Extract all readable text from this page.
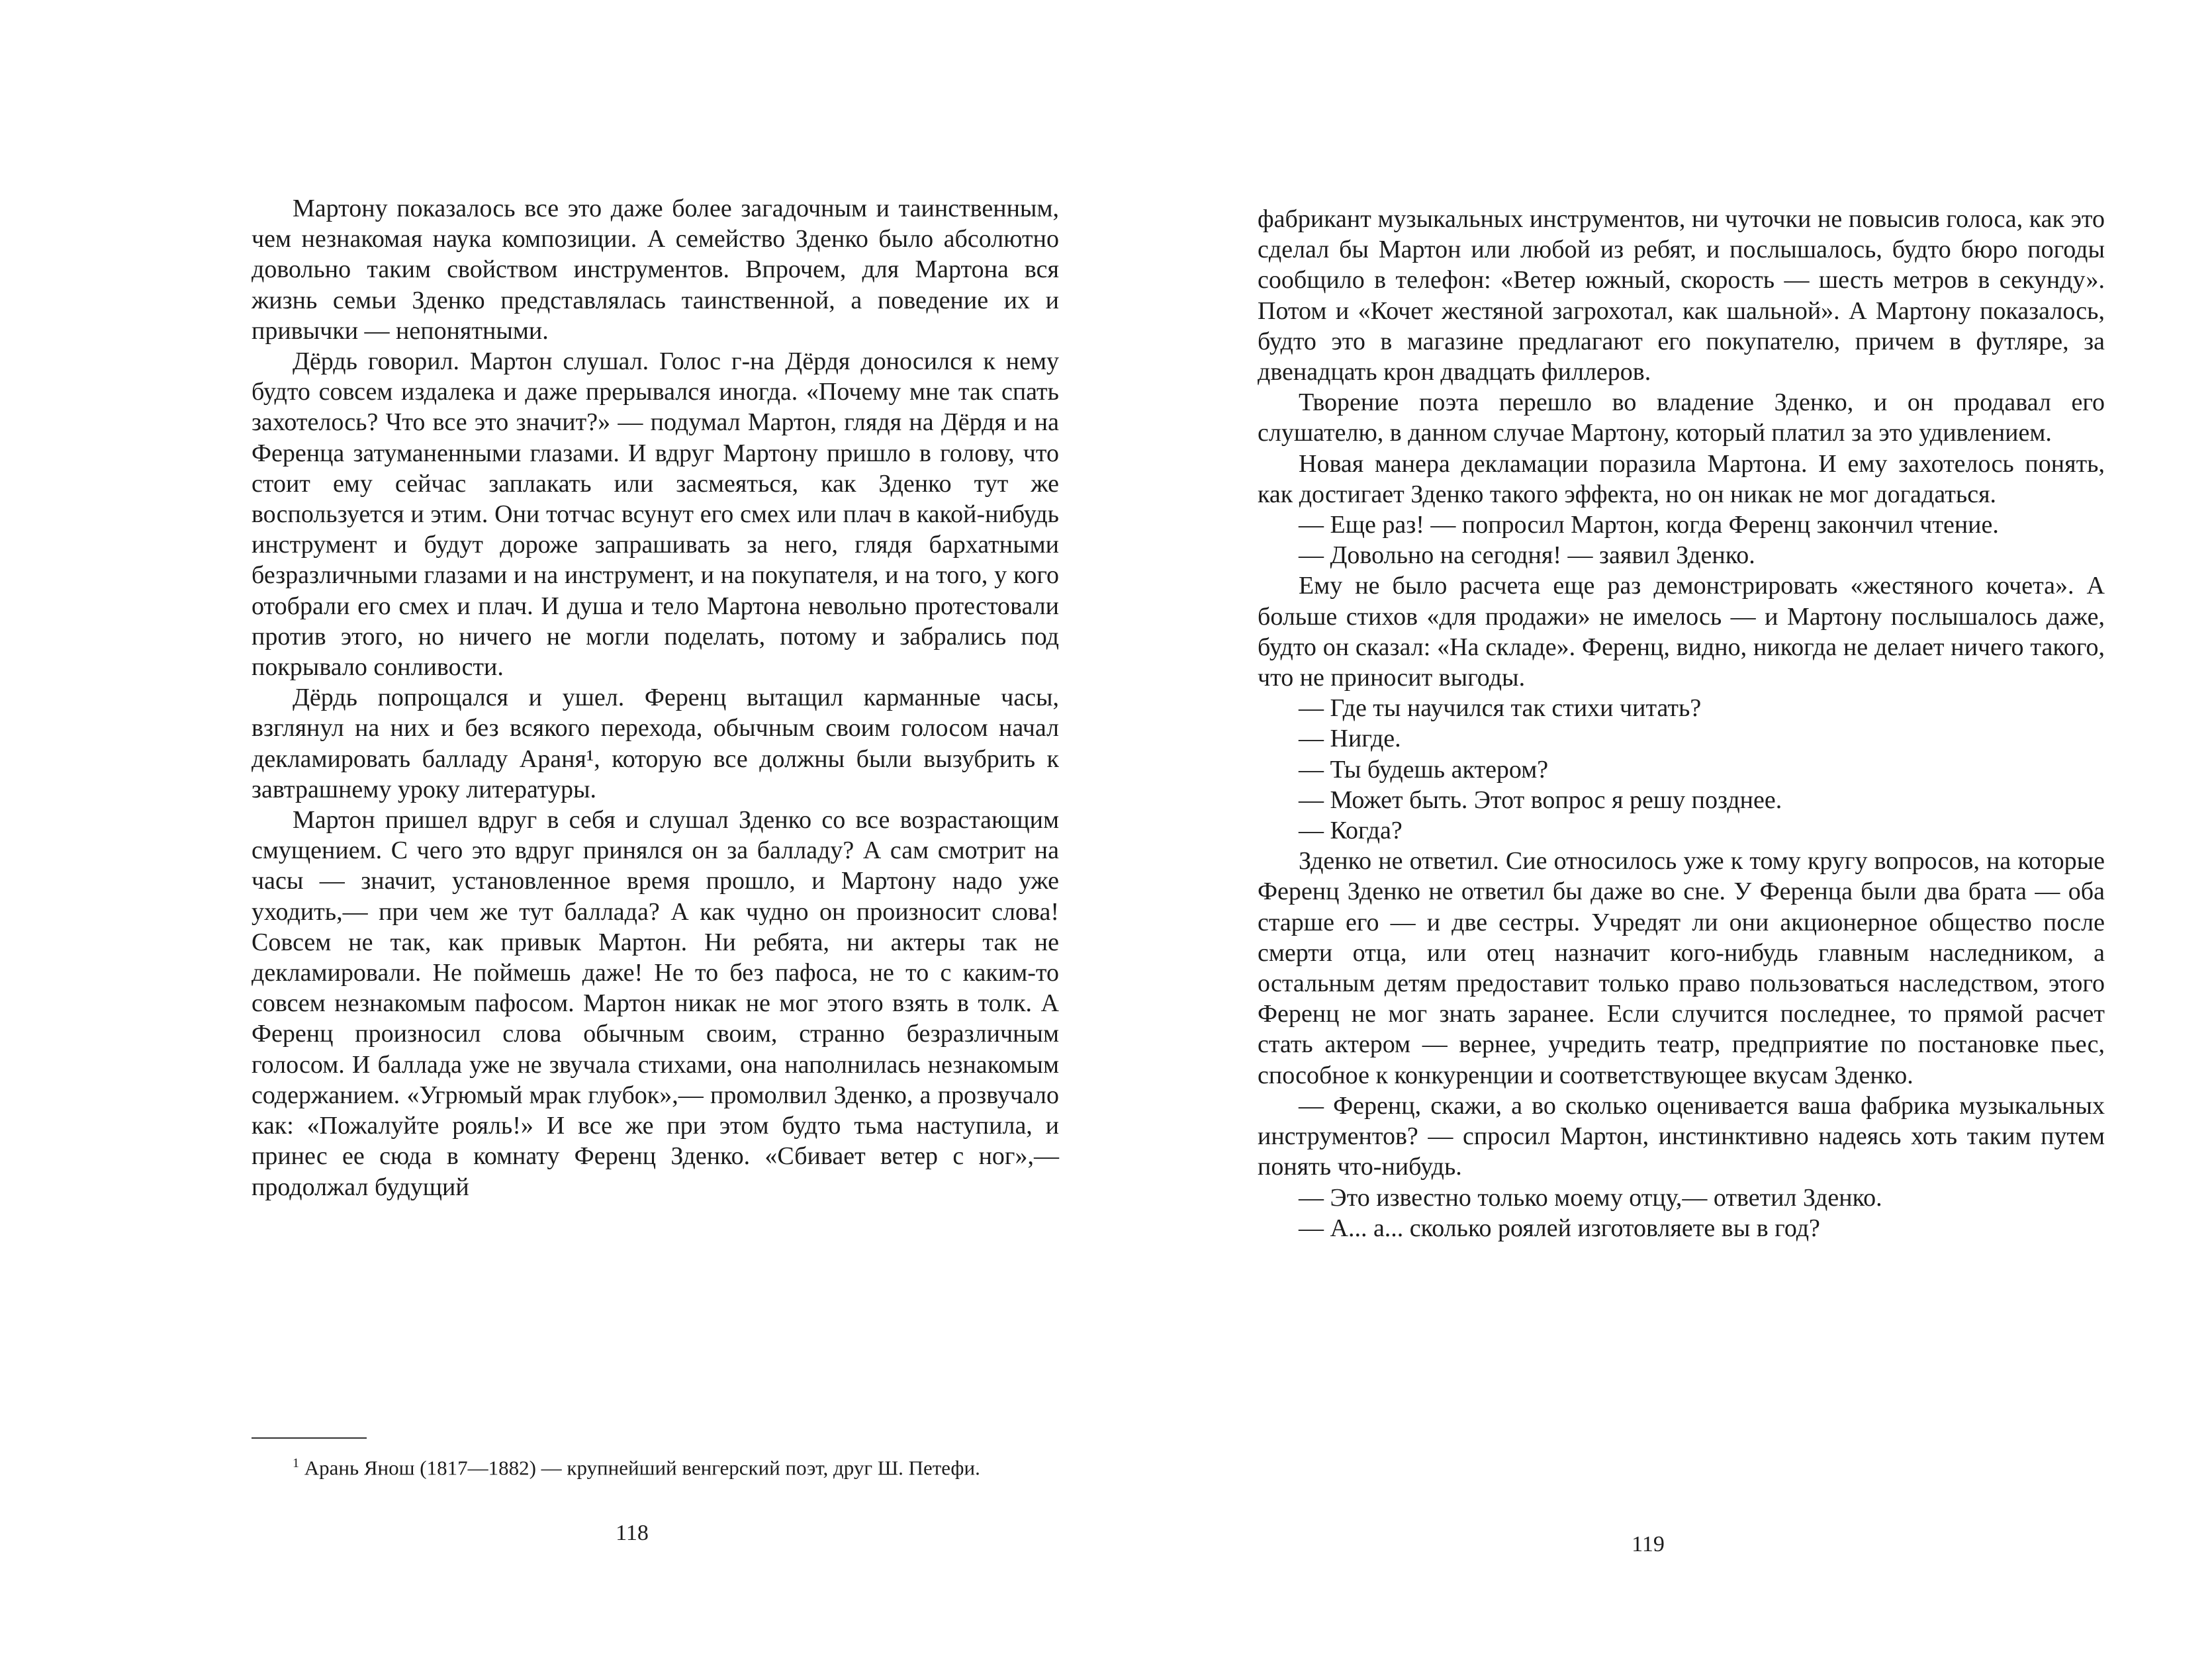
Мартону показалось все это даже более загадочным и таинственным, чем незнакомая наука композиции. А семейство Зденко было абсолютно довольно таким свойством инструментов. Впрочем, для Мартона вся жизнь семьи Зденко представлялась таинственной, а поведение их и привычки — непонятными.

Дёрдь говорил. Мартон слушал. Голос г-на Дёрдя доносился к нему будто совсем издалека и даже прерывался иногда. «Почему мне так спать захотелось? Что все это значит?» — подумал Мартон, глядя на Дёрдя и на Ференца затуманенными глазами. И вдруг Мартону пришло в голову, что стоит ему сейчас заплакать или засмеяться, как Зденко тут же воспользуется и этим. Они тотчас всунут его смех или плач в какой-нибудь инструмент и будут дороже запрашивать за него, глядя бархатными безразличными глазами и на инструмент, и на покупателя, и на того, у кого отобрали его смех и плач. И душа и тело Мартона невольно протестовали против этого, но ничего не могли поделать, потому и забрались под покрывало сонливости.

Дёрдь попрощался и ушел. Ференц вытащил карманные часы, взглянул на них и без всякого перехода, обычным своим голосом начал декламировать балладу Араня¹, которую все должны были вызубрить к завтрашнему уроку литературы.

Мартон пришел вдруг в себя и слушал Зденко со все возрастающим смущением. С чего это вдруг принялся он за балладу? А сам смотрит на часы — значит, установленное время прошло, и Мартону надо уже уходить,— при чем же тут баллада? А как чудно он произносит слова! Совсем не так, как привык Мартон. Ни ребята, ни актеры так не декламировали. Не поймешь даже! Не то без пафоса, не то с каким-то совсем незнакомым пафосом. Мартон никак не мог этого взять в толк. А Ференц произносил слова обычным своим, странно безразличным голосом. И баллада уже не звучала стихами, она наполнилась незнакомым содержанием. «Угрюмый мрак глубок»,— промолвил Зденко, а прозвучало как: «Пожалуйте рояль!» И все же при этом будто тьма наступила, и принес ее сюда в комнату Ференц Зденко. «Сбивает ветер с ног»,— продолжал будущий

$^1$ Арань Янош (1817—1882) — крупнейший венгерский поэт, друг Ш. Петефи.

118

фабрикант музыкальных инструментов, ни чуточки не повысив голоса, как это сделал бы Мартон или любой из ребят, и послышалось, будто бюро погоды сообщило в телефон: «Ветер южный, скорость — шесть метров в секунду». Потом и «Кочет жестяной загрохотал, как шальной». А Мартону показалось, будто это в магазине предлагают его покупателю, причем в футляре, за двенадцать крон двадцать филлеров.

Творение поэта перешло во владение Зденко, и он продавал его слушателю, в данном случае Мартону, который платил за это удивлением.

Новая манера декламации поразила Мартона. И ему захотелось понять, как достигает Зденко такого эффекта, но он никак не мог догадаться.

— Еще раз! — попросил Мартон, когда Ференц закончил чтение.

— Довольно на сегодня! — заявил Зденко.

Ему не было расчета еще раз демонстрировать «жестяного кочета». А больше стихов «для продажи» не имелось — и Мартону послышалось даже, будто он сказал: «На складе». Ференц, видно, никогда не делает ничего такого, что не приносит выгоды.

— Где ты научился так стихи читать?

— Нигде.

— Ты будешь актером?

— Может быть. Этот вопрос я решу позднее.

— Когда?

Зденко не ответил. Сие относилось уже к тому кругу вопросов, на которые Ференц Зденко не ответил бы даже во сне. У Ференца были два брата — оба старше его — и две сестры. Учредят ли они акционерное общество после смерти отца, или отец назначит кого-нибудь главным наследником, а остальным детям предоставит только право пользоваться наследством, этого Ференц не мог знать заранее. Если случится последнее, то прямой расчет стать актером — вернее, учредить театр, предприятие по постановке пьес, способное к конкуренции и соответствующее вкусам Зденко.

— Ференц, скажи, а во сколько оценивается ваша фабрика музыкальных инструментов? — спросил Мартон, инстинктивно надеясь хоть таким путем понять что-нибудь.

— Это известно только моему отцу,— ответил Зденко.

— А... а... сколько роялей изготовляете вы в год?

119
